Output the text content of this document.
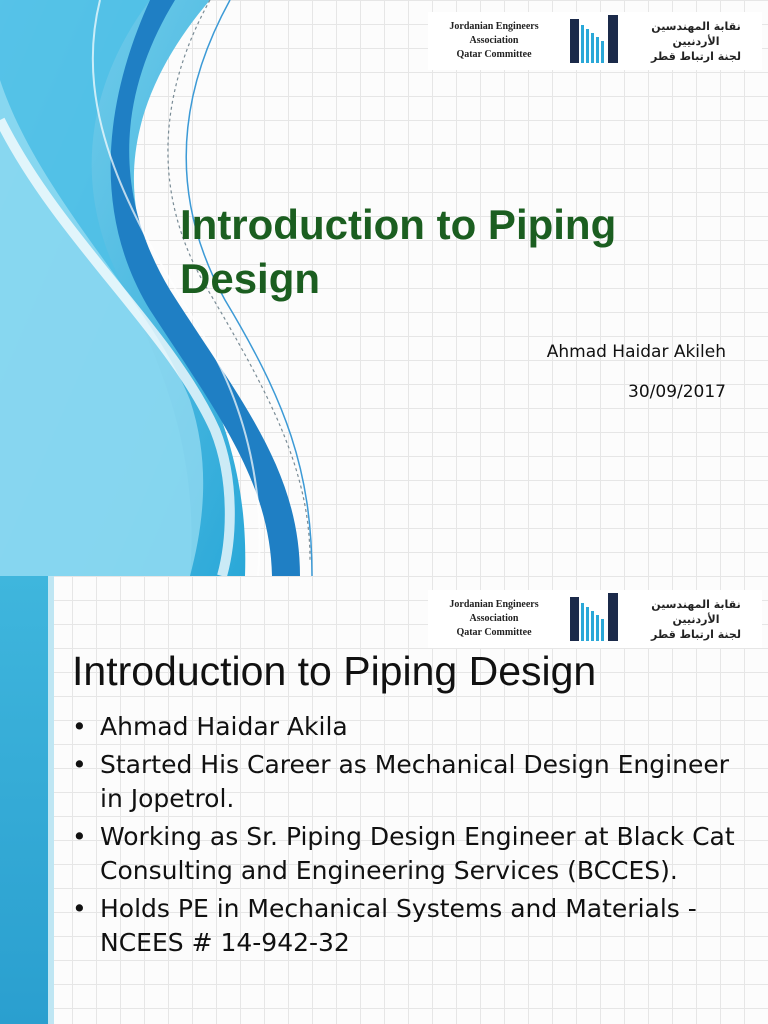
Jordanian Engineers Association
Qatar Committee
نقابة المهندسين الأردنيين
لجنة ارتباط قطر
Introduction to Piping Design

Ahmad Haidar Akileh

30/09/2017

Jordanian Engineers Association
Qatar Committee
نقابة المهندسين الأردنيين
لجنة ارتباط قطر
Introduction to Piping Design
• Ahmad Haidar Akila
• Started His Career as Mechanical Design Engineer in Jopetrol.
• Working as Sr. Piping Design Engineer at Black Cat Consulting and Engineering Services (BCCES).
• Holds PE in Mechanical Systems and Materials -NCEES # 14-942-32
